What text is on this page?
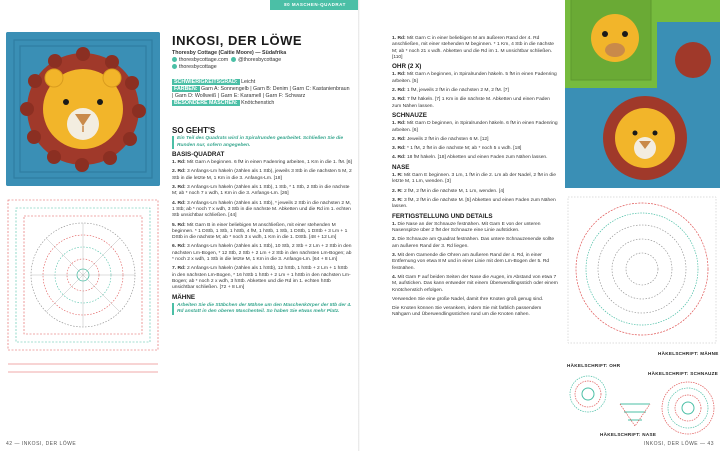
INKOSI, DER LÖWE
Thoresby Cottage (Caitie Moore) — Südafrika
thoresbycottage.com @thoresbycottage
thoresbycottage
SCHWIERIGKEITSGRAD: Leicht
FARBEN: Garn A: Sonnengelb | Garn B: Denim | Garn C: Kastanienbraun | Garn D: Wollweiß | Garn E: Karamell | Garn F: Schwarz
BESONDERE MASCHEN: Knötchenstich
SO GEHT'S
Ein Teil des Quadrats wird in Spiralrunden gearbeitet. Schließen Sie die Runden nur, sofern angegeben.
BASIS-QUADRAT
1. Rd: Mit Garn A beginnen. 6 fM in einen Fadenring arbeiten, 1 Km in die 1. fM. [6]
2. Rd: 3 Anfangs-Lm häkeln (zählen als 1 Stb), jeweils 3 Stb in die nächsten 5 M, 2 Stb in die letzte M, 1 Km in die 3. Anfangs-Lm. [18]
3. Rd: 3 Anfangs-Lm häkeln (zählen als 1 Stb), 1 Stb, * 1 Stb, 2 Stb in die nächste M; ab * noch 7 x wdh, 1 Km in die 3. Anfangs-Lm. [26]
4. Rd: 3 Anfangs-Lm häkeln (zählen als 1 Stb), * jeweils 2 Stb in die nächsten 2 M, 1 Stb; ab * noch 7 x wdh, 3 Stb in die nächste M. Abketten und die Rd im 1. echten Stb unsichtbar schließen. [44]
5. Rd: Mit Garn B in einer beliebigen M anschließen, mit einer stehenden M beginnen. * 1 DStb, 1 Stb, 1 hStb, 4 fM, 1 hStb, 1 Stb, 1 DStb, 1 DStb + 3 Lm + 1 DStb in die nächste M; ab * noch 3 x wdh, 1 Km in die 1. DStb. [48 + 12 Lm]
6. Rd: 3 Anfangs-Lm häkeln (zählen als 1 Stb), 10 Stb, 2 Stb + 2 Lm + 2 Stb in den nächsten Lm-Bogen, * 12 Stb, 2 Stb + 2 Lm + 2 Stb in den nächsten Lm-Bogen; ab * noch 2 x wdh, 1 Stb in die letzte M, 1 Km in die 3. Anfangs-Lm. [64 + 8 Lm]
7. Rd: 2 Anfangs-Lm häkeln (zählen als 1 hStb), 12 hStb, 1 hStb + 2 Lm + 1 hStb in den nächsten Lm-Bogen, * 16 hStb 1 hStb + 2 Lm + 1 hStb in den nächsten Lm-Bogen; ab * noch 2 x wdh, 3 hStb. Abketten und die Rd im 1. echten hStb unsichtbar schließen. [72 + 8 Lm]
MÄHNE
Arbeiten Sie die Stäbchen der Mähne um den Maschenkörper der 5tb der 4. Rd anstatt in den oberen Maschenteil. So haben Sie etwas mehr Platz.
42 — INKOSI, DER LÖWE
80 MASCHEN-QUADRAT
1. Rd: Mit Garn C in einer beliebigen M am äußeren Rand der 4. Rd anschließen, mit einer stehenden M beginnen. * 1 Km, 4 Stb in die nächste M; ab * noch 21 x wdh. Abketten und die Rd im 1. M unsichtbar schließen. [110]
OHR (2 X)
1. Rd: Mit Garn A beginnen, in Spiralrunden häkeln. 5 fM in einen Fadenring arbeiten. [5]
2. Rd: 1 fM, jeweils 2 fM in die nächsten 2 M, 2 fM. [7]
3. Rd: 7 fM häkeln. [7] 1 Km in die nächste M. Abketten und einen Faden zum Nähen lassen.
SCHNAUZE
1. Rd: Mit Garn D beginnen, in Spiralrunden häkeln. 6 fM in einen Fadenring arbeiten. [6]
2. Rd: Jeweils 2 fM in die nächsten 6 M. [12]
3. Rd: * 1 fM, 2 fM in die nächste M; ab * noch 5 x wdh. [18]
4. Rd: 18 fM häkeln. [18] Abketten und einen Faden zum Nähen lassen.
NASE
1. R: Mit Garn E beginnen. 3 Lm, 1 fM in die 2. Lm ab der Nadel, 2 fM in die letzte M, 1 Lm, wenden. [3]
2. R: 2 fM, 2 fM in die nächste M, 1 Lm, wenden. [4]
3. R: 3 fM, 2 fM in die nächste M. [5] Abketten und einen Faden zum Nähen lassen.
FERTIGSTELLUNG UND DETAILS
1. Die Nase an der Schnauze festnähen. Mit Garn E von der unteren Nasenspitze über 2 fM der Schnauze eine Linie aufsticken.
2. Die Schnauze am Quadrat festnähen. Das untere Schnauzenende sollte am äußeren Rand der 3. Rd liegen.
3. Mit dem Garnende die Ohren am äußeren Rand der 4. Rd, in einer Entfernung von etwa 8 M und in einer Linie mit dem Lm-Bogen der 5. Rd festnähen.
4. Mit Garn F auf beiden Seiten der Nase die Augen, im Abstand von etwa 7 M, aufsticken. Das kann entweder mit einem Überwendlingsstich oder einem Knötchenstich erfolgen.
Verwenden Sie eine große Nadel, damit Ihre Knoten groß genug sind.
Die Knoten können Sie verankern, indem Sie mit farblich passendem Nähgarn und Überwendlingsstichen rund um die Knoten nähen.
INKOSI, DER LÖWE — 43
HÄKELSCHRIFT: MÄHNE
HÄKELSCHRIFT: OHR
HÄKELSCHRIFT: NASE
HÄKELSCHRIFT: SCHNAUZE
